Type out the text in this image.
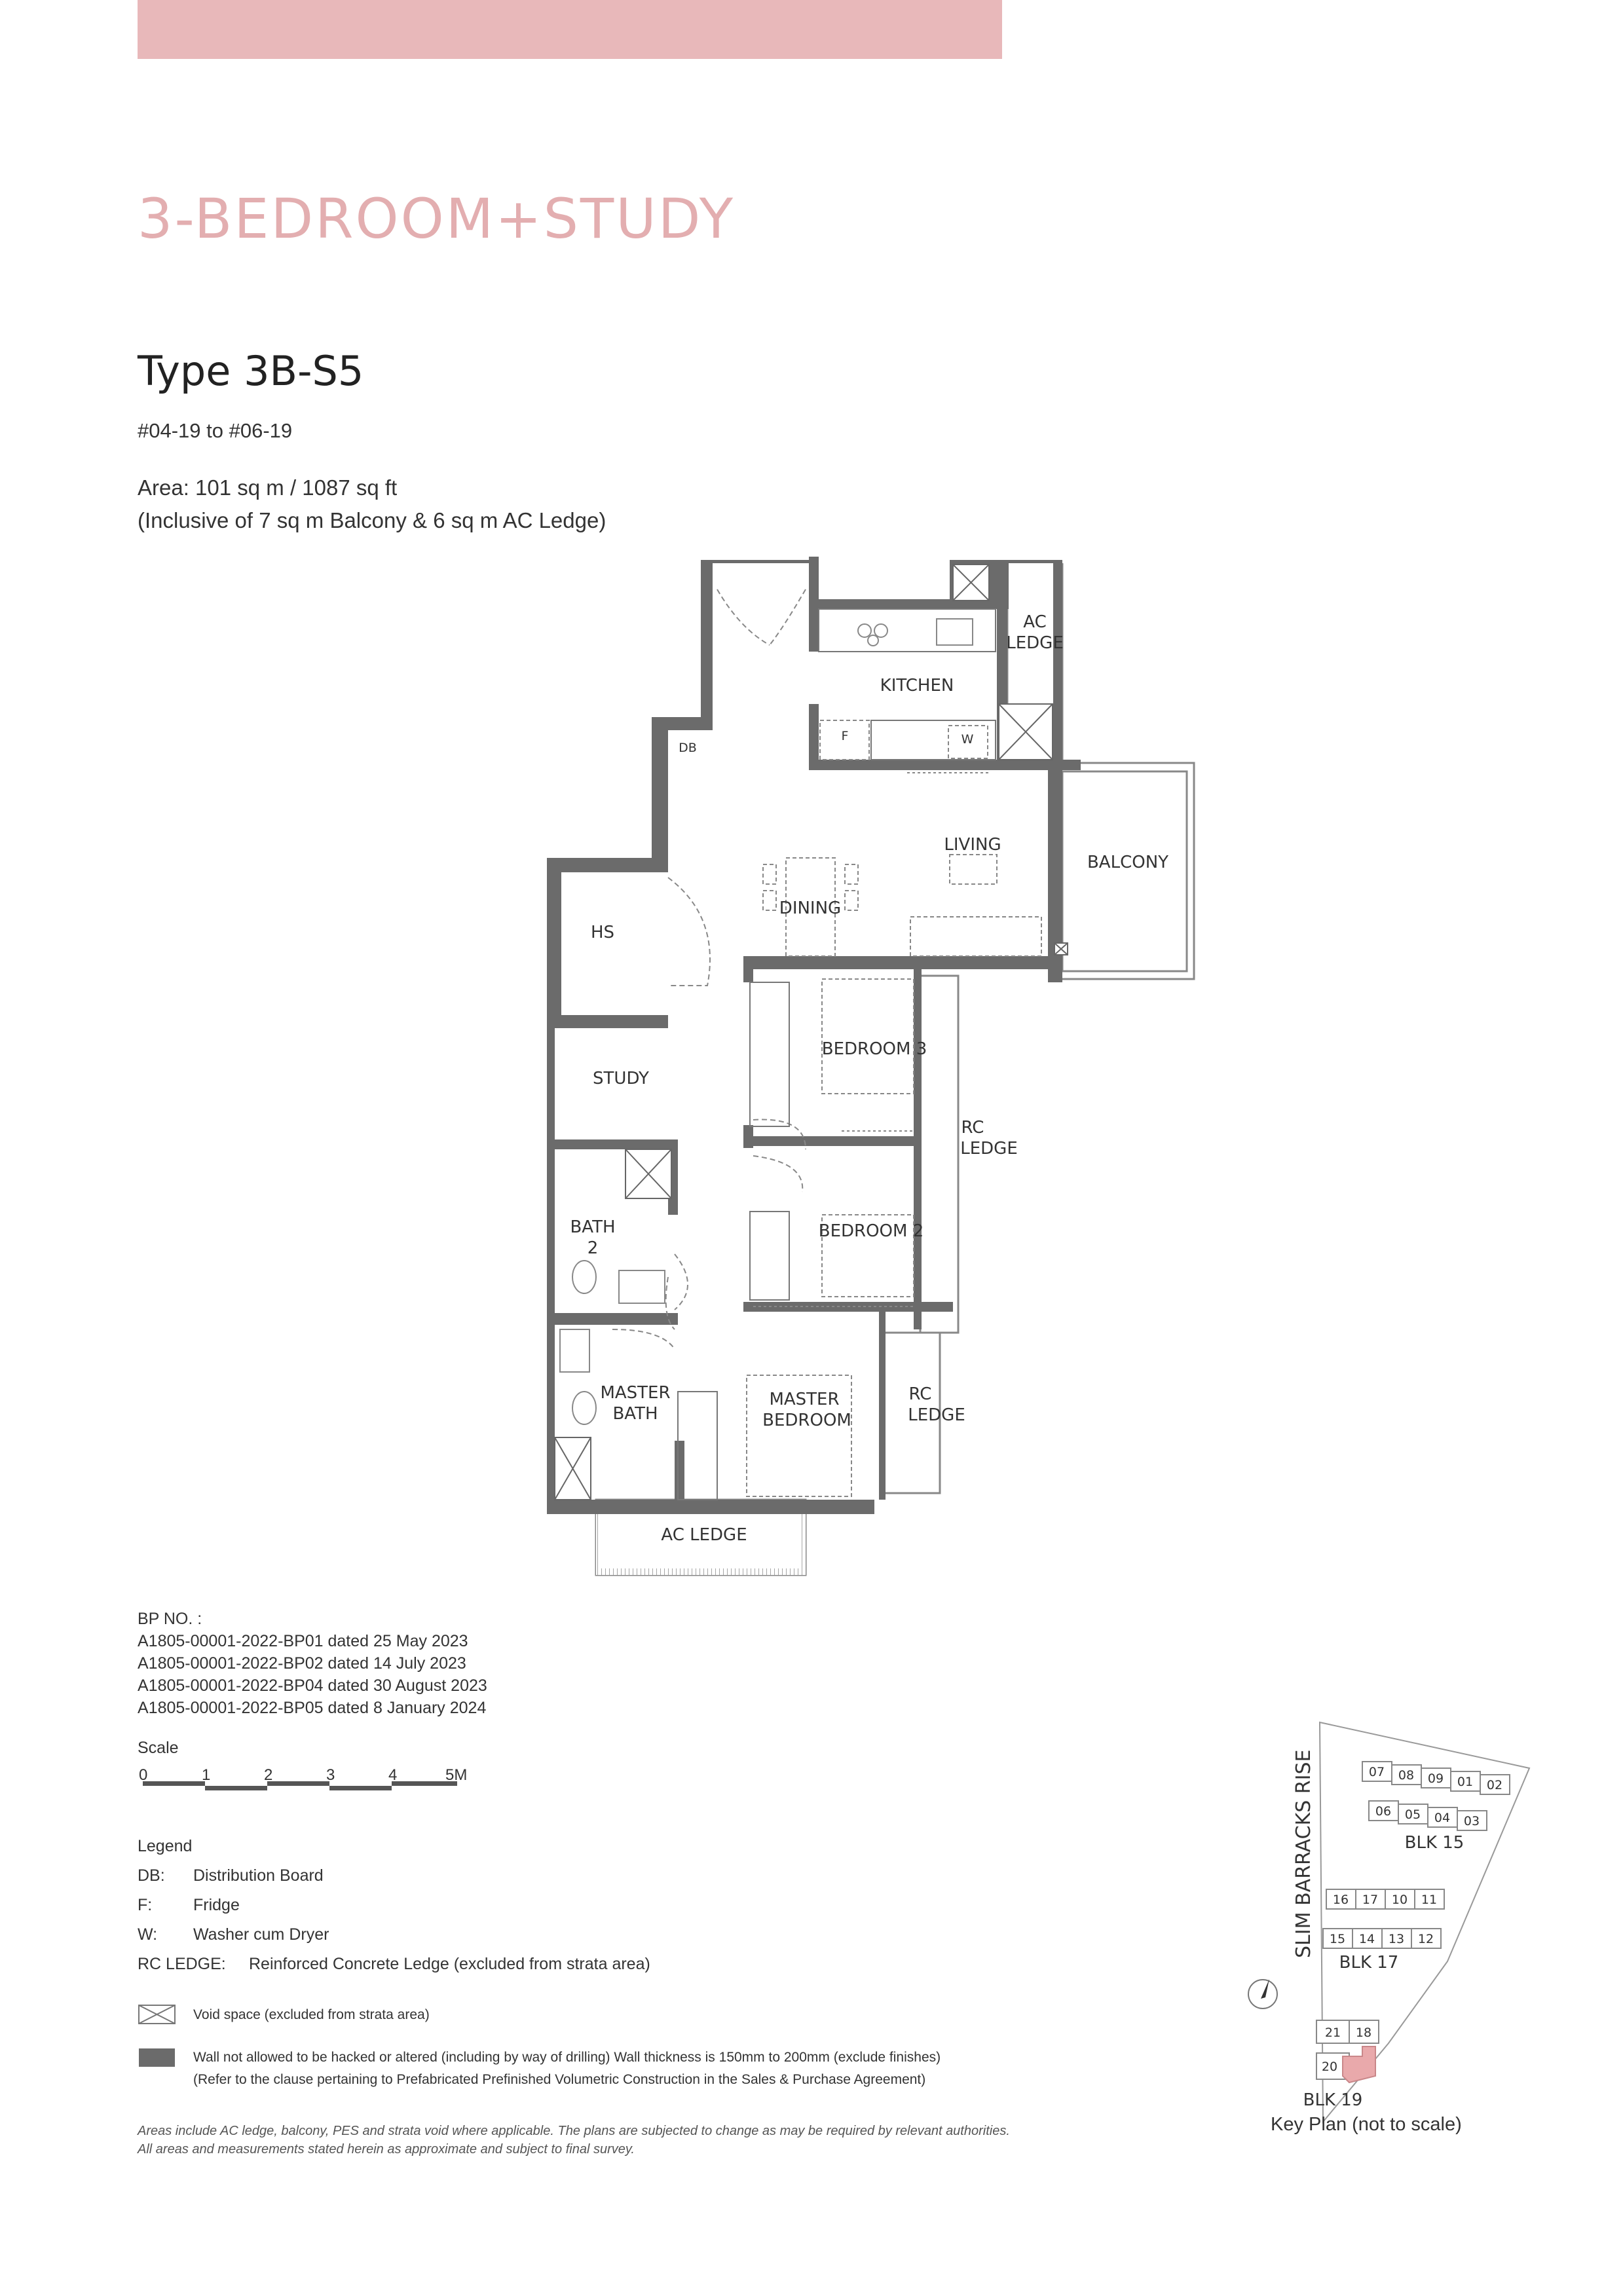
3-BEDROOM+STUDY
Type 3B-S5
#04-19 to #06-19
Area: 101 sq m / 1087 sq ft
(Inclusive of 7 sq m Balcony & 6 sq m AC Ledge)
AC
LEDGE
KITCHEN
DB
F	W
LIVING
BALCONY
DINING
HS
BEDROOM 3
STUDY
RC
LEDGE
BATH
2
BEDROOM 2
MASTER
BATH
MASTER
BEDROOM
RC
LEDGE
AC LEDGE
SLIM BARRACKS RISE	07 08 09 01 02
06 05 04 03
16 17 10 11
15 14 13 12
21 18
20
BLK 15
BLK 17
BLK 19
BP NO. :
A1805-00001-2022-BP01 dated 25 May 2023
A1805-00001-2022-BP02 dated 14 July 2023
A1805-00001-2022-BP04 dated 30 August 2023
A1805-00001-2022-BP05 dated 8 January 2024
Scale
0	1	2	3	4	5M
Legend
DB: Distribution Board
F:	Fridge
W: Washer cum Dryer
RC LEDGE: Reinforced Concrete Ledge (excluded from strata area)
Void space (excluded from strata area)
Wall not allowed to be hacked or altered (including by way of drilling) Wall thickness is 150mm to 200mm (exclude finishes)
(Refer to the clause pertaining to Prefabricated Prefinished Volumetric Construction in the Sales & Purchase Agreement)
Areas include AC ledge, balcony, PES and strata void where applicable. The plans are subjected to change as may be required by relevant authorities.
All areas and measurements stated herein as approximate and subject to final survey.
Key Plan (not to scale)
